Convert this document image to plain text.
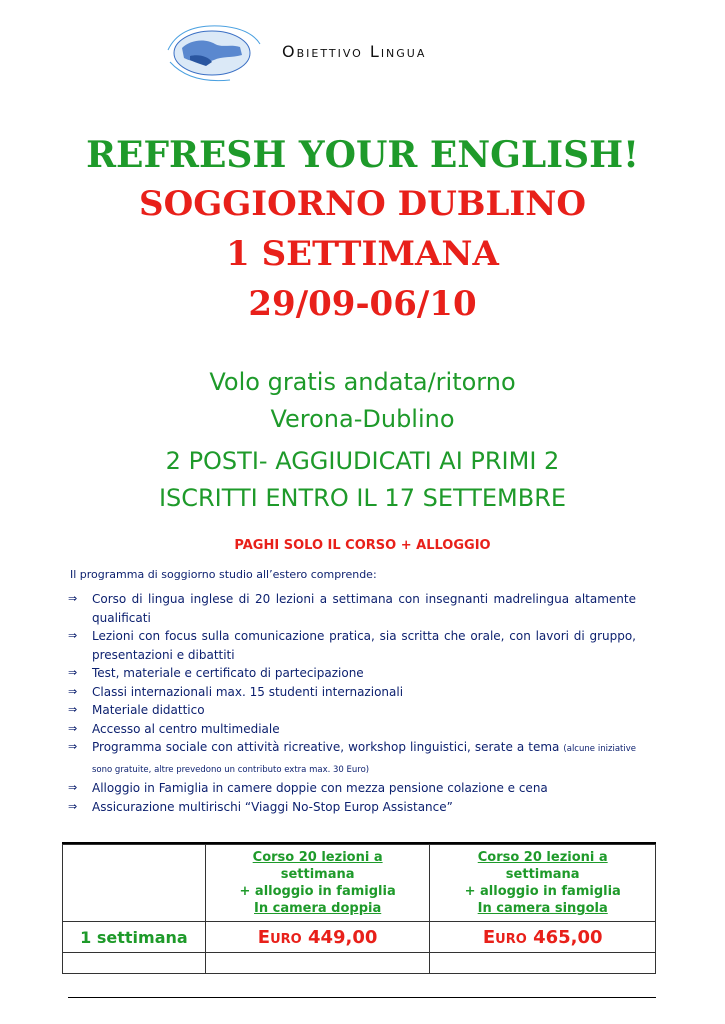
Obiettivo Lingua
REFRESH YOUR ENGLISH!
SOGGIORNO DUBLINO
1 SETTIMANA
29/09-06/10
Volo gratis andata/ritorno
Verona-Dublino
2 POSTI- AGGIUDICATI AI PRIMI 2
ISCRITTI ENTRO IL 17 SETTEMBRE
PAGHI SOLO IL CORSO + ALLOGGIO
Il programma di soggiorno studio all’estero comprende:
⇒ Corso di lingua inglese di 20 lezioni a settimana con insegnanti madrelingua altamente qualificati
⇒ Lezioni con focus sulla comunicazione pratica, sia scritta che orale, con lavori di gruppo, presentazioni e dibattiti
⇒ Test, materiale e certificato di partecipazione
⇒ Classi internazionali max. 15 studenti internazionali
⇒ Materiale didattico
⇒ Accesso al centro multimediale
⇒ Programma sociale con attività ricreative, workshop linguistici, serate a tema (alcune iniziative sono gratuite, altre prevedono un contributo extra max. 30 Euro)
⇒ Alloggio in Famiglia in camere doppie con mezza pensione colazione e cena
⇒ Assicurazione multirischi “Viaggi No-Stop Europ Assistance”

	Corso 20 lezioni a
settimana
+ alloggio in famiglia
In camera doppia	Corso 20 lezioni a
settimana
+ alloggio in famiglia
In camera singola

1 settimana	EURO 449,00	EURO 465,00
